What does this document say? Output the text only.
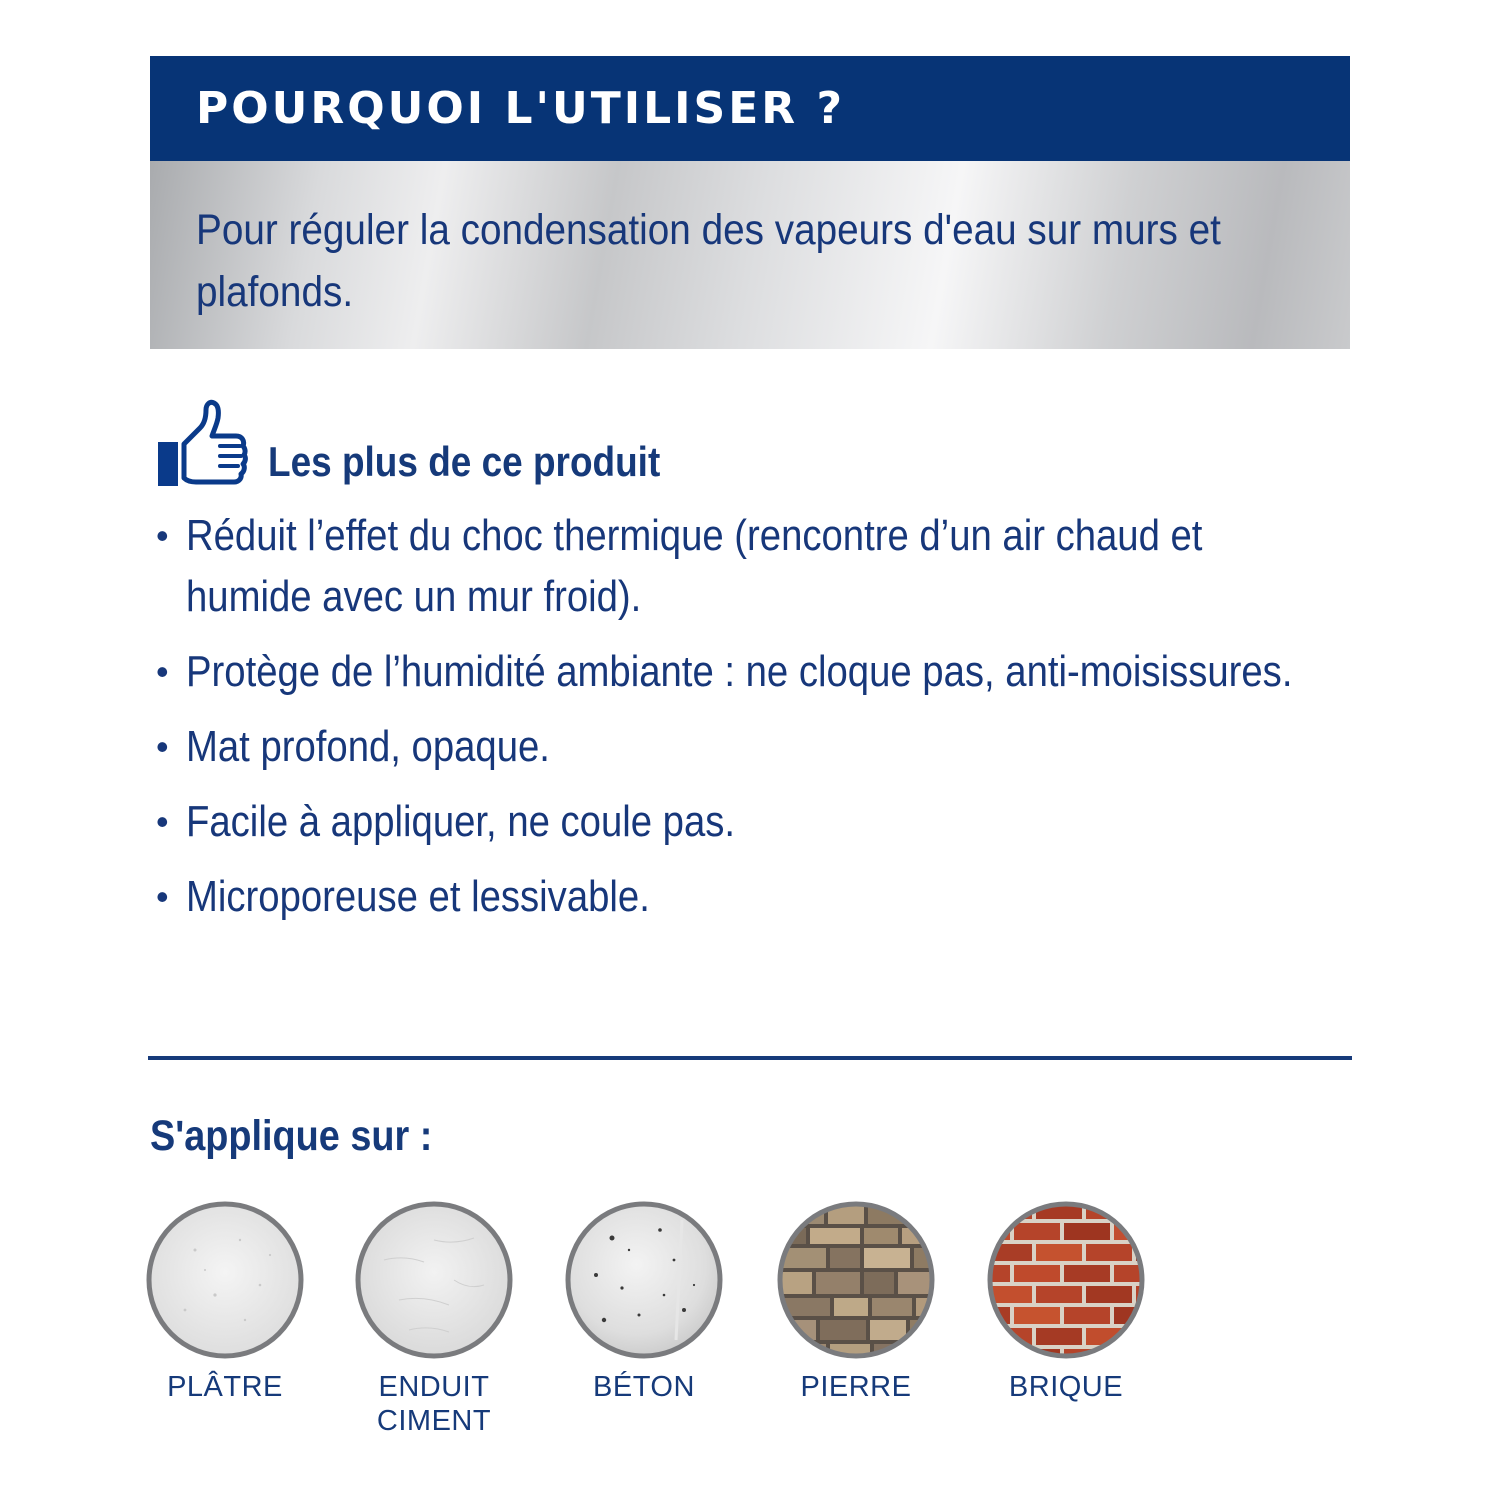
POURQUOI L'UTILISER ?
Pour réguler la condensation des vapeurs d'eau sur murs et plafonds.
Les plus de ce produit
• Réduit l’effet du choc thermique (rencontre d’un air chaud et humide avec un mur froid).
• Protège de l’humidité ambiante : ne cloque pas, anti-moisissures.
• Mat profond, opaque.
• Facile à appliquer, ne coule pas.
• Microporeuse et lessivable.
S'applique sur :
PLÂTRE	ENDUIT
CIMENT
BÉTON	PIERRE	BRIQUE
